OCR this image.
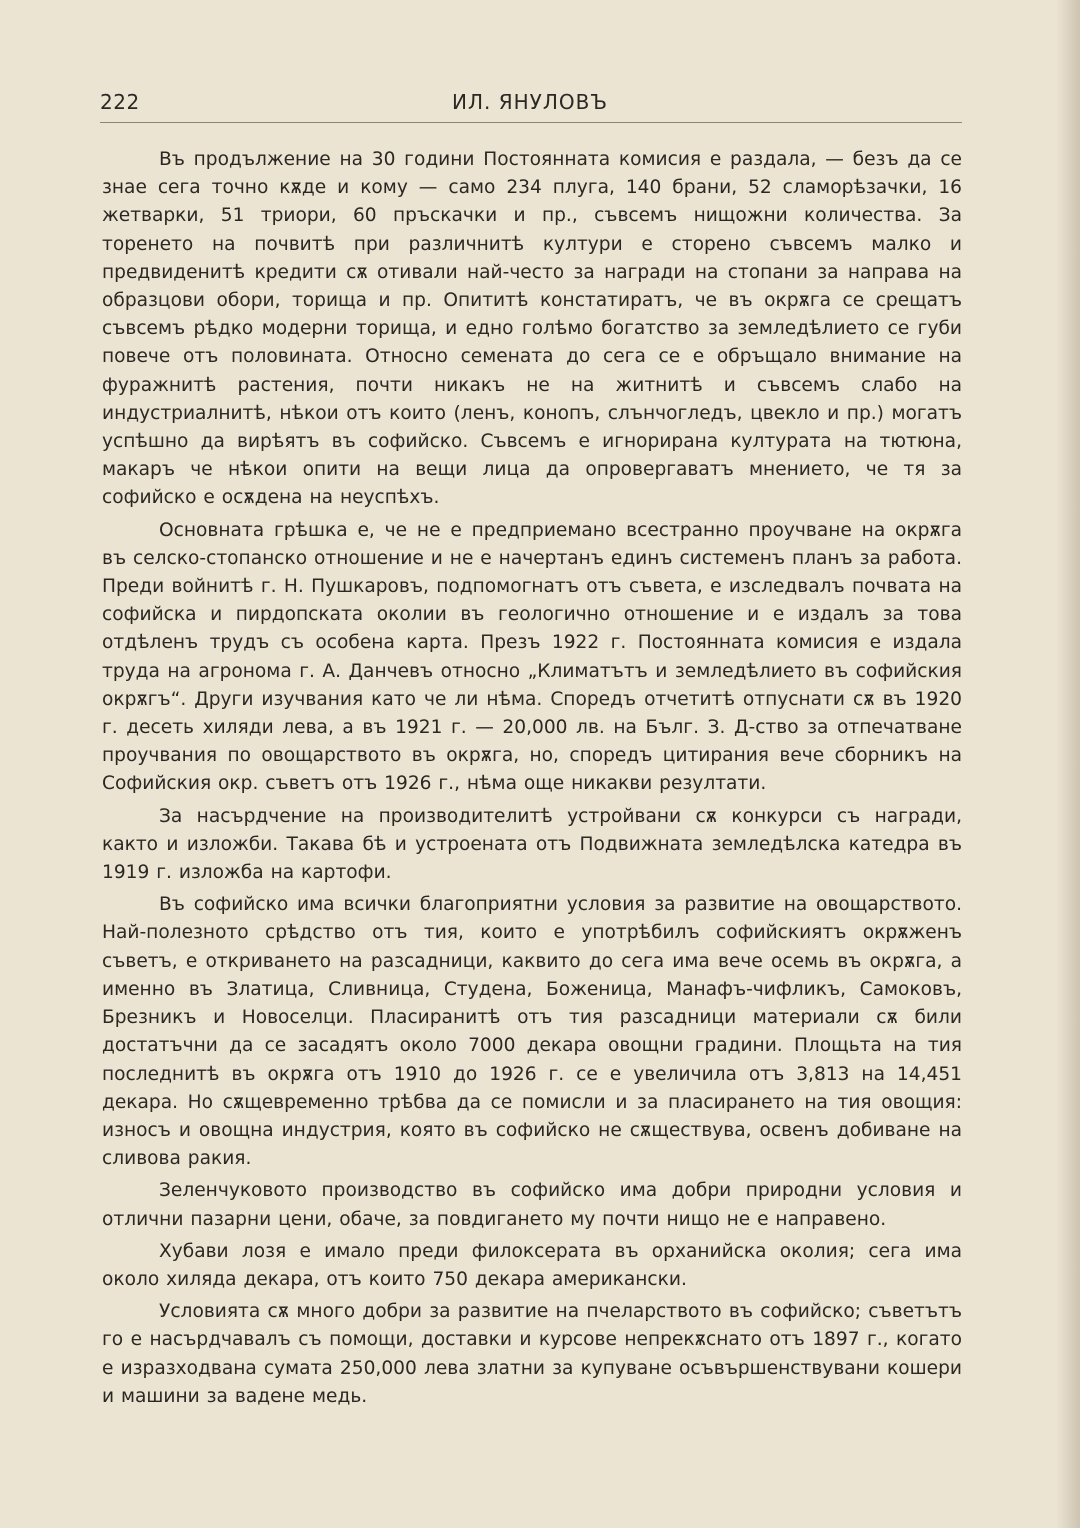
222	ИЛ. ЯНУЛОВЪ

Въ продължение на 30 години Постоянната комисия е раздала, — безъ да се знае сега точно кѫде и кому — само 234 плуга, 140 брани, 52 сламорѣзачки, 16 жетварки, 51 триори, 60 пръскачки и пр., съвсемъ нищожни количества. За торенето на почвитѣ при различнитѣ култури е сторено съвсемъ малко и предвиденитѣ кредити сѫ отивали най-често за награди на стопани за направа на образцови обори, торища и пр. Опититѣ констатиратъ, че въ окрѫга се срещатъ съвсемъ рѣдко модерни торища, и едно голѣмо богатство за земледѣлието се губи повече отъ половината. Относно семената до сега се е обръщало внимание на фуражнитѣ растения, почти никакъ не на житнитѣ и съвсемъ слабо на индустриалнитѣ, нѣкои отъ които (ленъ, конопъ, слънчогледъ, цвекло и пр.) могатъ успѣшно да вирѣятъ въ софийско. Съвсемъ е игнорирана културата на тютюна, макаръ че нѣкои опити на вещи лица да опровергаватъ мнението, че тя за софийско е осѫдена на неуспѣхъ.

Основната грѣшка е, че не е предприемано всестранно проучване на окрѫга въ селско-стопанско отношение и не е начертанъ единъ системенъ планъ за работа. Преди войнитѣ г. Н. Пушкаровъ, подпомогнатъ отъ съвета, е изследвалъ почвата на софийска и пирдопската околии въ геологично отношение и е издалъ за това отдѣленъ трудъ съ особена карта. Презъ 1922 г. Постоянната комисия е издала труда на агронома г. А. Данчевъ относно „Климатътъ и земледѣлието въ софийския окрѫгъ“. Други изучвания като че ли нѣма. Споредъ отчетитѣ отпуснати сѫ въ 1920 г. десеть хиляди лева, а въ 1921 г. — 20,000 лв. на Бълг. З. Д-ство за отпечатване проучвания по овощарството въ окрѫга, но, споредъ цитирания вече сборникъ на Софийския окр. съветъ отъ 1926 г., нѣма още никакви резултати.

За насърдчение на производителитѣ устройвани сѫ конкурси съ награди, както и изложби. Такава бѣ и устроената отъ Подвижната земледѣлска катедра въ 1919 г. изложба на картофи.

Въ софийско има всички благоприятни условия за развитие на овощарството. Най-полезното срѣдство отъ тия, които е употрѣбилъ софийскиятъ окрѫженъ съветъ, е откриването на разсадници, каквито до сега има вече осемь въ окрѫга, а именно въ Златица, Сливница, Студена, Боженица, Манафъ-чифликъ, Самоковъ, Брезникъ и Новоселци. Пласиранитѣ отъ тия разсадници материали сѫ били достатъчни да се засадятъ около 7000 декара овощни градини. Площьта на тия последнитѣ въ окрѫга отъ 1910 до 1926 г. се е увеличила отъ 3,813 на 14,451 декара. Но сѫщевременно трѣбва да се помисли и за пласирането на тия овощия: износъ и овощна индустрия, която въ софийско не сѫществува, освенъ добиване на сливова ракия.

Зеленчуковото производство въ софийско има добри природни условия и отлични пазарни цени, обаче, за повдигането му почти нищо не е направено.

Хубави лозя е имало преди филоксерата въ орханийска околия; сега има около хиляда декара, отъ които 750 декара американски.

Условията сѫ много добри за развитие на пчеларството въ софийско; съветътъ го е насърдчавалъ съ помощи, доставки и курсове непрекѫснато отъ 1897 г., когато е изразходвана сумата 250,000 лева златни за купуване осъвършенствувани кошери и машини за вадене медь.
